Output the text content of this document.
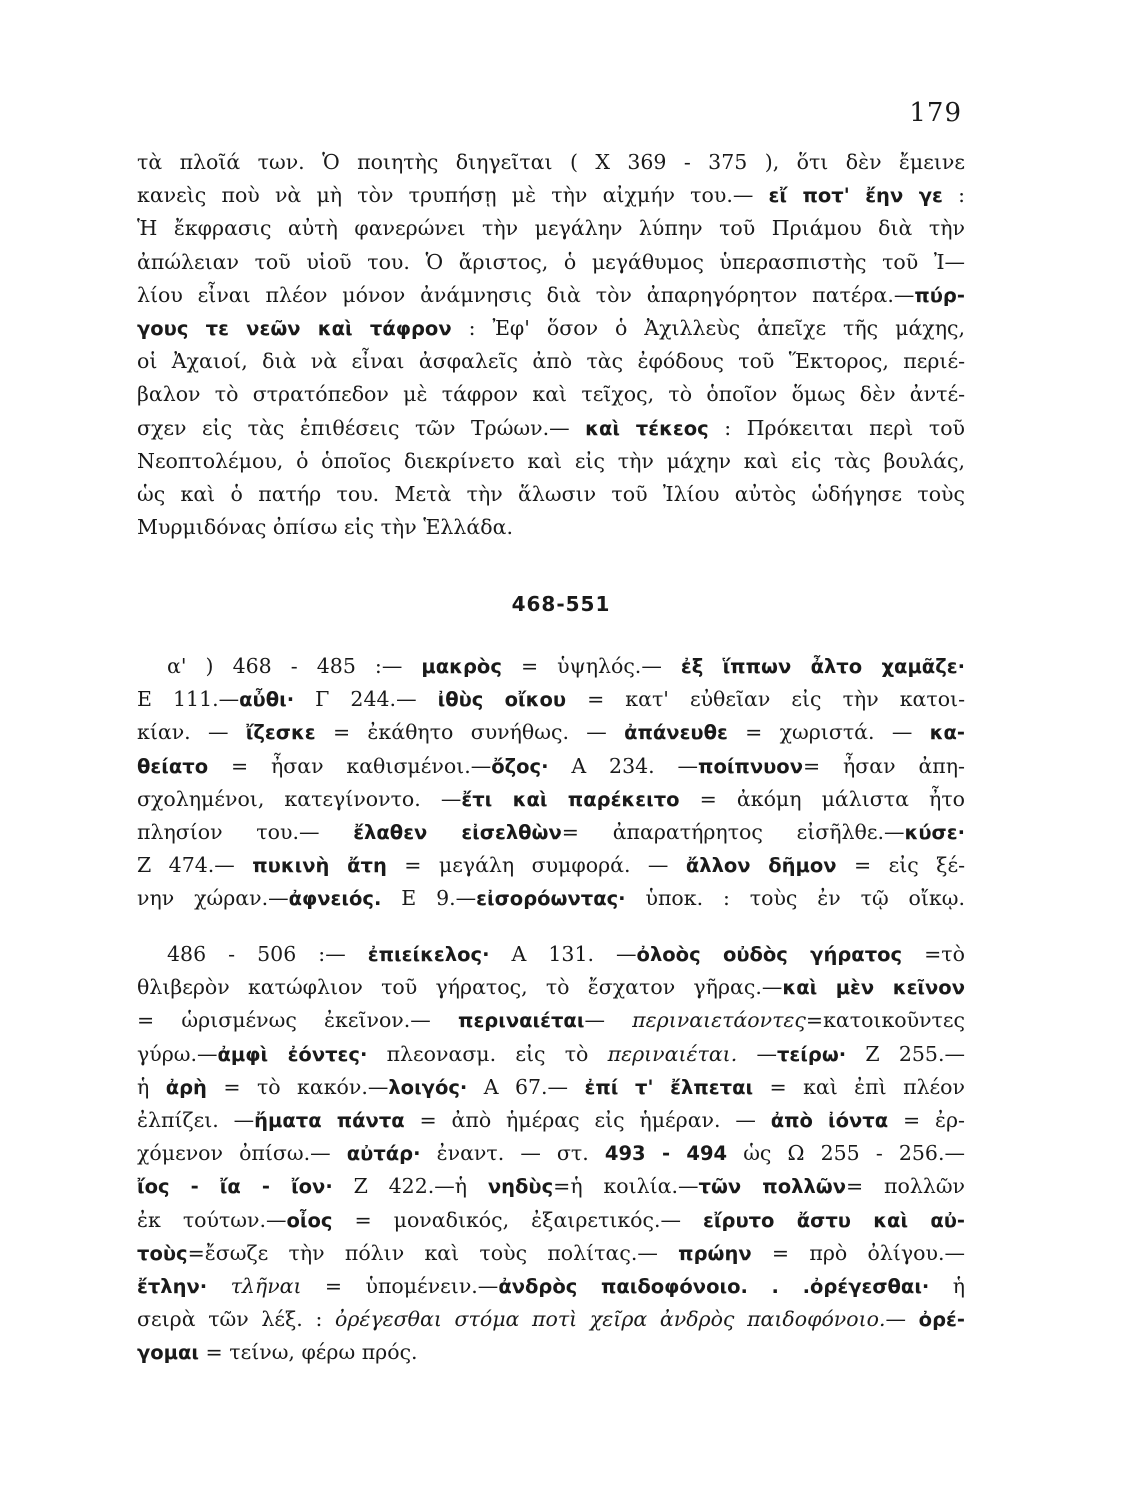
179
τὰ πλοῖά των. Ὁ ποιητὴς διηγεῖται ( Χ 369 - 375 ), ὅτι δὲν ἔμεινε
κανεὶς ποὺ νὰ μὴ τὸν τρυπήσῃ μὲ τὴν αἰχμήν του.— εἴ ποτ' ἔην γε :
Ἡ ἔκφρασις αὐτὴ φανερώνει τὴν μεγάλην λύπην τοῦ Πριάμου διὰ τὴν
ἀπώλειαν τοῦ υἱοῦ του. Ὁ ἄριστος, ὁ μεγάθυμος ὑπερασπιστὴς τοῦ Ἰ—
λίου εἶναι πλέον μόνον ἀνάμνησις διὰ τὸν ἀπαρηγόρητον πατέρα.—πύρ-
γους τε νεῶν καὶ τάφρον : Ἐφ' ὅσον ὁ Ἀχιλλεὺς ἀπεῖχε τῆς μάχης,
οἱ Ἀχαιοί, διὰ νὰ εἶναι ἀσφαλεῖς ἀπὸ τὰς ἐφόδους τοῦ Ἕκτορος, περιέ-
βαλον τὸ στρατόπεδον μὲ τάφρον καὶ τεῖχος, τὸ ὁποῖον ὅμως δὲν ἀντέ-
σχεν εἰς τὰς ἐπιθέσεις τῶν Τρώων.— καὶ τέκεος : Πρόκειται περὶ τοῦ
Νεοπτολέμου, ὁ ὁποῖος διεκρίνετο καὶ εἰς τὴν μάχην καὶ εἰς τὰς βουλάς,
ὡς καὶ ὁ πατήρ του. Μετὰ τὴν ἅλωσιν τοῦ Ἰλίου αὐτὸς ὡδήγησε τοὺς
Μυρμιδόνας ὀπίσω εἰς τὴν Ἑλλάδα.
468-551
α' ) 468 - 485 :— μακρὸς = ὑψηλός.— ἐξ ἵππων ἆλτο χαμᾶζε·
Ε 111.—αὖθι· Γ 244.— ἰθὺς οἴκου = κατ' εὐθεῖαν εἰς τὴν κατοι-
κίαν. — ἴζεσκε = ἐκάθητο συνήθως. — ἀπάνευθε = χωριστά. — κα-
θείατο = ἦσαν καθισμένοι.—ὄζος· Α 234. —ποίπνυον= ἦσαν ἀπη-
σχολημένοι, κατεγίνοντο. —ἔτι καὶ παρέκειτο = ἀκόμη μάλιστα ἦτο
πλησίον του.— ἔλαθεν εἰσελθὼν= ἀπαρατήρητος εἰσῆλθε.—κύσε·
Ζ 474.— πυκινὴ ἄτη = μεγάλη συμφορά. — ἄλλον δῆμον = εἰς ξέ-
νην χώραν.—ἀφνειός. Ε 9.—εἰσορόωντας· ὑποκ. : τοὺς ἐν τῷ οἴκῳ.
486 - 506 :— ἐπιείκελος· Α 131. —ὀλοὸς οὐδὸς γήρατος =τὸ
θλιβερὸν κατώφλιον τοῦ γήρατος, τὸ ἔσχατον γῆρας.—καὶ μὲν κεῖνον
= ὡρισμένως ἐκεῖνον.— περιναιέται— περιναιετάοντες=κατοικοῦντες
γύρω.—ἀμφὶ ἐόντες· πλεονασμ. εἰς τὸ περιναιέται. —τείρω· Ζ 255.—
ἡ ἀρὴ = τὸ κακόν.—λοιγός· Α 67.— ἐπί τ' ἔλπεται = καὶ ἐπὶ πλέον
ἐλπίζει. —ἤματα πάντα = ἀπὸ ἡμέρας εἰς ἡμέραν. — ἀπὸ ἰόντα = ἐρ-
χόμενον ὀπίσω.— αὐτάρ· ἐναντ. — στ. 493 - 494 ὡς Ω 255 - 256.—
ἴος - ἴα - ἴον· Ζ 422.—ἡ νηδὺς=ἡ κοιλία.—τῶν πολλῶν= πολλῶν
ἐκ τούτων.—οἶος = μοναδικός, ἐξαιρετικός.— εἴρυτο ἄστυ καὶ αὐ-
τοὺς=ἔσωζε τὴν πόλιν καὶ τοὺς πολίτας.— πρώην = πρὸ ὀλίγου.—
ἔτλην· τλῆναι = ὑπομένειν.—ἀνδρὸς παιδοφόνοιο. . .ὀρέγεσθαι· ἡ
σειρὰ τῶν λέξ. : ὀρέγεσθαι στόμα ποτὶ χεῖρα ἀνδρὸς παιδοφόνοιο.— ὀρέ-
γομαι = τείνω, φέρω πρός.
